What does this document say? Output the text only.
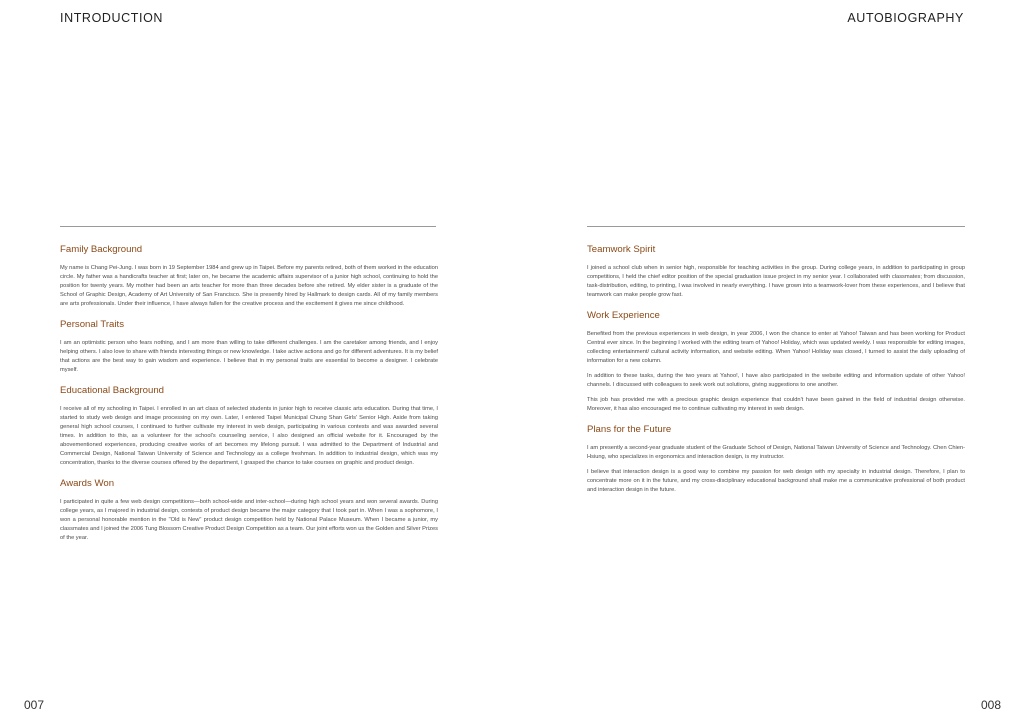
INTRODUCTION	AUTOBIOGRAPHY
Family Background

My name is Chang Pei-Jung. I was born in 19 September 1984 and grew up in Taipei. Before my parents retired, both of them worked in the education circle. My father was a handicrafts teacher at first; later on, he became the academic affairs supervisor of a junior high school, continuing to hold the position for twenty years. My mother had been an arts teacher for more than three decades before she retired. My elder sister is a graduate of the School of Graphic Design, Academy of Art University of San Francisco. She is presently hired by Hallmark to design cards. All of my family members are arts professionals. Under their influence, I have always fallen for the creative process and the excitement it gives me since childhood.

Personal Traits

I am an optimistic person who fears nothing, and I am more than willing to take different challenges. I am the caretaker among friends, and I enjoy helping others. I also love to share with friends interesting things or new knowledge. I take active actions and go for different adventures. It is my belief that actions are the best way to gain wisdom and experience. I believe that in my personal traits are essential to become a designer. I celebrate myself.

Educational Background

I receive all of my schooling in Taipei. I enrolled in an art class of selected students in junior high to receive classic arts education. During that time, I started to study web design and image processing on my own. Later, I entered Taipei Municipal Chung Shan Girls' Senior High. Aside from taking general high school courses, I continued to further cultivate my interest in web design, participating in various contests and was awarded several times. In addition to this, as a volunteer for the school's counseling service, I also designed an official website for it. Encouraged by the abovementioned experiences, producing creative works of art becomes my lifelong pursuit. I was admitted to the Department of Industrial and Commercial Design, National Taiwan University of Science and Technology as a college freshman. In addition to industrial design, which was my concentration, thanks to the diverse courses offered by the department, I grasped the chance to take courses on graphic and product design.

Awards Won

I participated in quite a few web design competitions—both school-wide and inter-school—during high school years and won several awards. During college years, as I majored in industrial design, contests of product design became the major category that I took part in. When I was a sophomore, I won a personal honorable mention in the "Old is New" product design competition held by National Palace Museum. When I became a junior, my classmates and I joined the 2006 Tung Blossom Creative Product Design Competition as a team. Our joint efforts won us the Golden and Silver Prizes of the year.

Teamwork Spirit

I joined a school club when in senior high, responsible for teaching activities in the group. During college years, in addition to participating in group competitions, I held the chief editor position of the special graduation issue project in my senior year. I collaborated with classmates; from discussion, task-distribution, editing, to printing, I was involved in nearly everything. I have grown into a teamwork-lover from these experiences, and I believe that teamwork can make people grow fast.

Work Experience

Benefited from the previous experiences in web design, in year 2006, I won the chance to enter at Yahoo! Taiwan and has been working for Product Central ever since. In the beginning I worked with the editing team of Yahoo! Holiday, which was updated weekly. I was responsible for editing images, collecting entertainment/ cultural activity information, and website editing. When Yahoo! Holiday was closed, I turned to assist the daily uploading of information for a new column.

In addition to these tasks, during the two years at Yahoo!, I have also participated in the website editing and information update of other Yahoo! channels. I discussed with colleagues to seek work out solutions, giving suggestions to one another.

This job has provided me with a precious graphic design experience that couldn't have been gained in the field of industrial design otherwise. Moreover, it has also encouraged me to continue cultivating my interest in web design.

Plans for the Future

I am presently a second-year graduate student of the Graduate School of Design, National Taiwan University of Science and Technology. Chen Chien-Hsiung, who specializes in ergonomics and interaction design, is my instructor.

I believe that interaction design is a good way to combine my passion for web design with my specialty in industrial design. Therefore, I plan to concentrate more on it in the future, and my cross-disciplinary educational background shall make me a communicative professional of both product and interaction design in the future.

007	008
